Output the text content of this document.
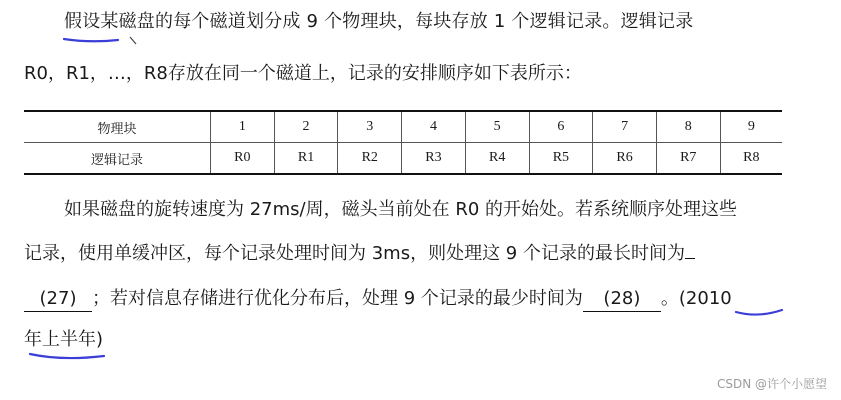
假设某磁盘的每个磁道划分成 9 个物理块，每块存放 1 个逻辑记录。逻辑记录
R0，R1，…，R8存放在同一个磁道上，记录的安排顺序如下表所示：
物理块	1	2	3	4	5	6	7	8	9
逻辑记录	R0	R1	R2	R3	R4	R5	R6	R7	R8
如果磁盘的旋转速度为 27ms/周，磁头当前处在 R0 的开始处。若系统顺序处理这些
记录，使用单缓冲区，每个记录处理时间为 3ms，则处理这 9 个记录的最长时间为
(27) ；若对信息存储进行优化分布后，处理 9 个记录的最少时间为 (28) 。(2010
年上半年)
CSDN @许个小愿望
